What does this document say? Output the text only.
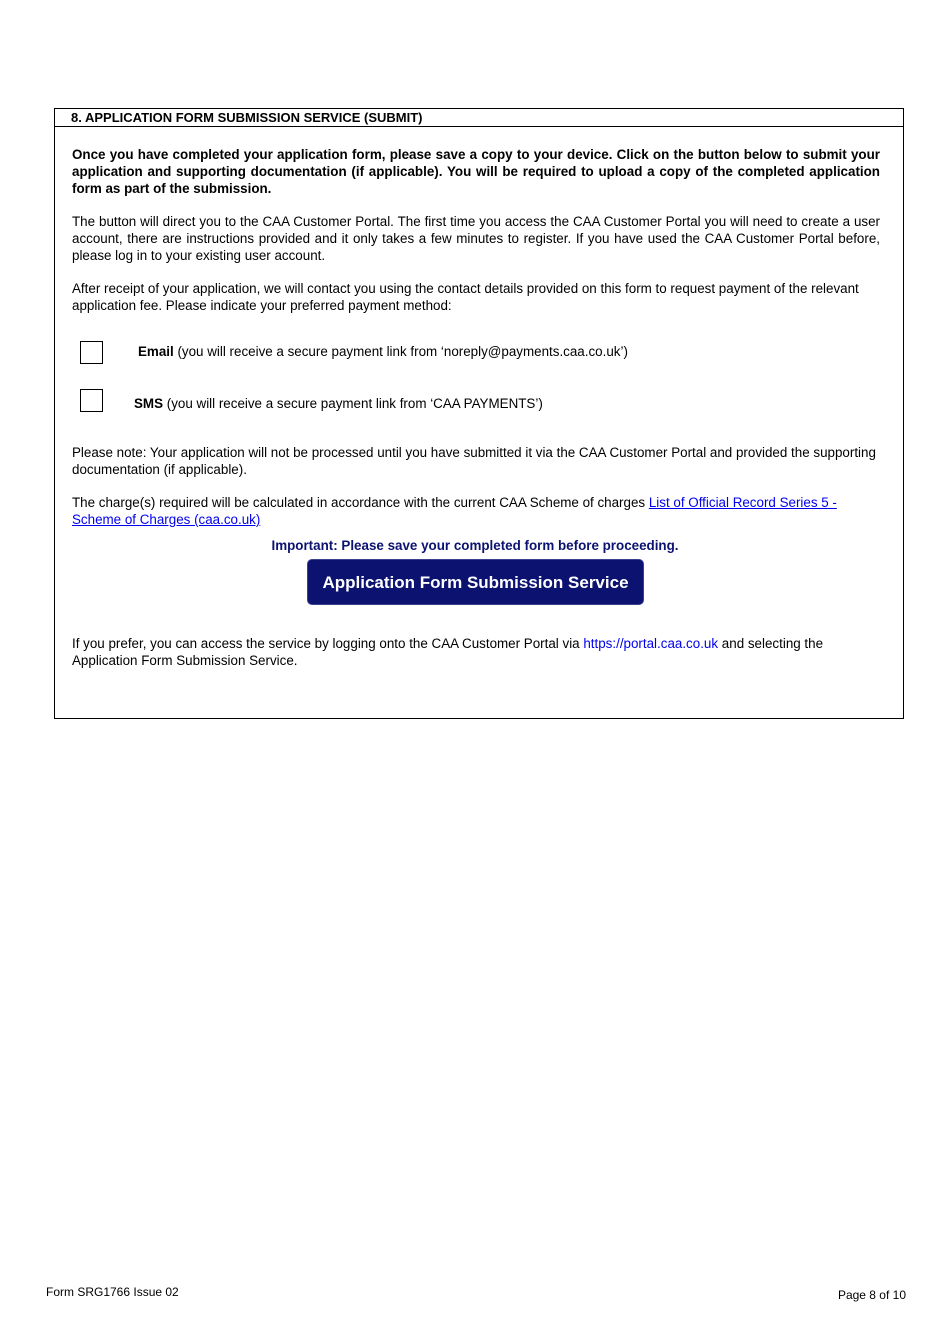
8. APPLICATION FORM SUBMISSION SERVICE (SUBMIT)
Once you have completed your application form, please save a copy to your device. Click on the button below to submit your application and supporting documentation (if applicable). You will be required to upload a copy of the completed application form as part of the submission.
The button will direct you to the CAA Customer Portal. The first time you access the CAA Customer Portal you will need to create a user account, there are instructions provided and it only takes a few minutes to register. If you have used the CAA Customer Portal before, please log in to your existing user account.
After receipt of your application, we will contact you using the contact details provided on this form to request payment of the relevant application fee. Please indicate your preferred payment method:
Email (you will receive a secure payment link from ‘noreply@payments.caa.co.uk’)
SMS (you will receive a secure payment link from ‘CAA PAYMENTS’)
Please note: Your application will not be processed until you have submitted it via the CAA Customer Portal and provided the supporting documentation (if applicable).
The charge(s) required will be calculated in accordance with the current CAA Scheme of charges List of Official Record Series 5 - Scheme of Charges (caa.co.uk)
Important: Please save your completed form before proceeding.
Application Form Submission Service
If you prefer, you can access the service by logging onto the CAA Customer Portal via https://portal.caa.co.uk and selecting the Application Form Submission Service.
Form SRG1766 Issue 02	Page 8 of 10
